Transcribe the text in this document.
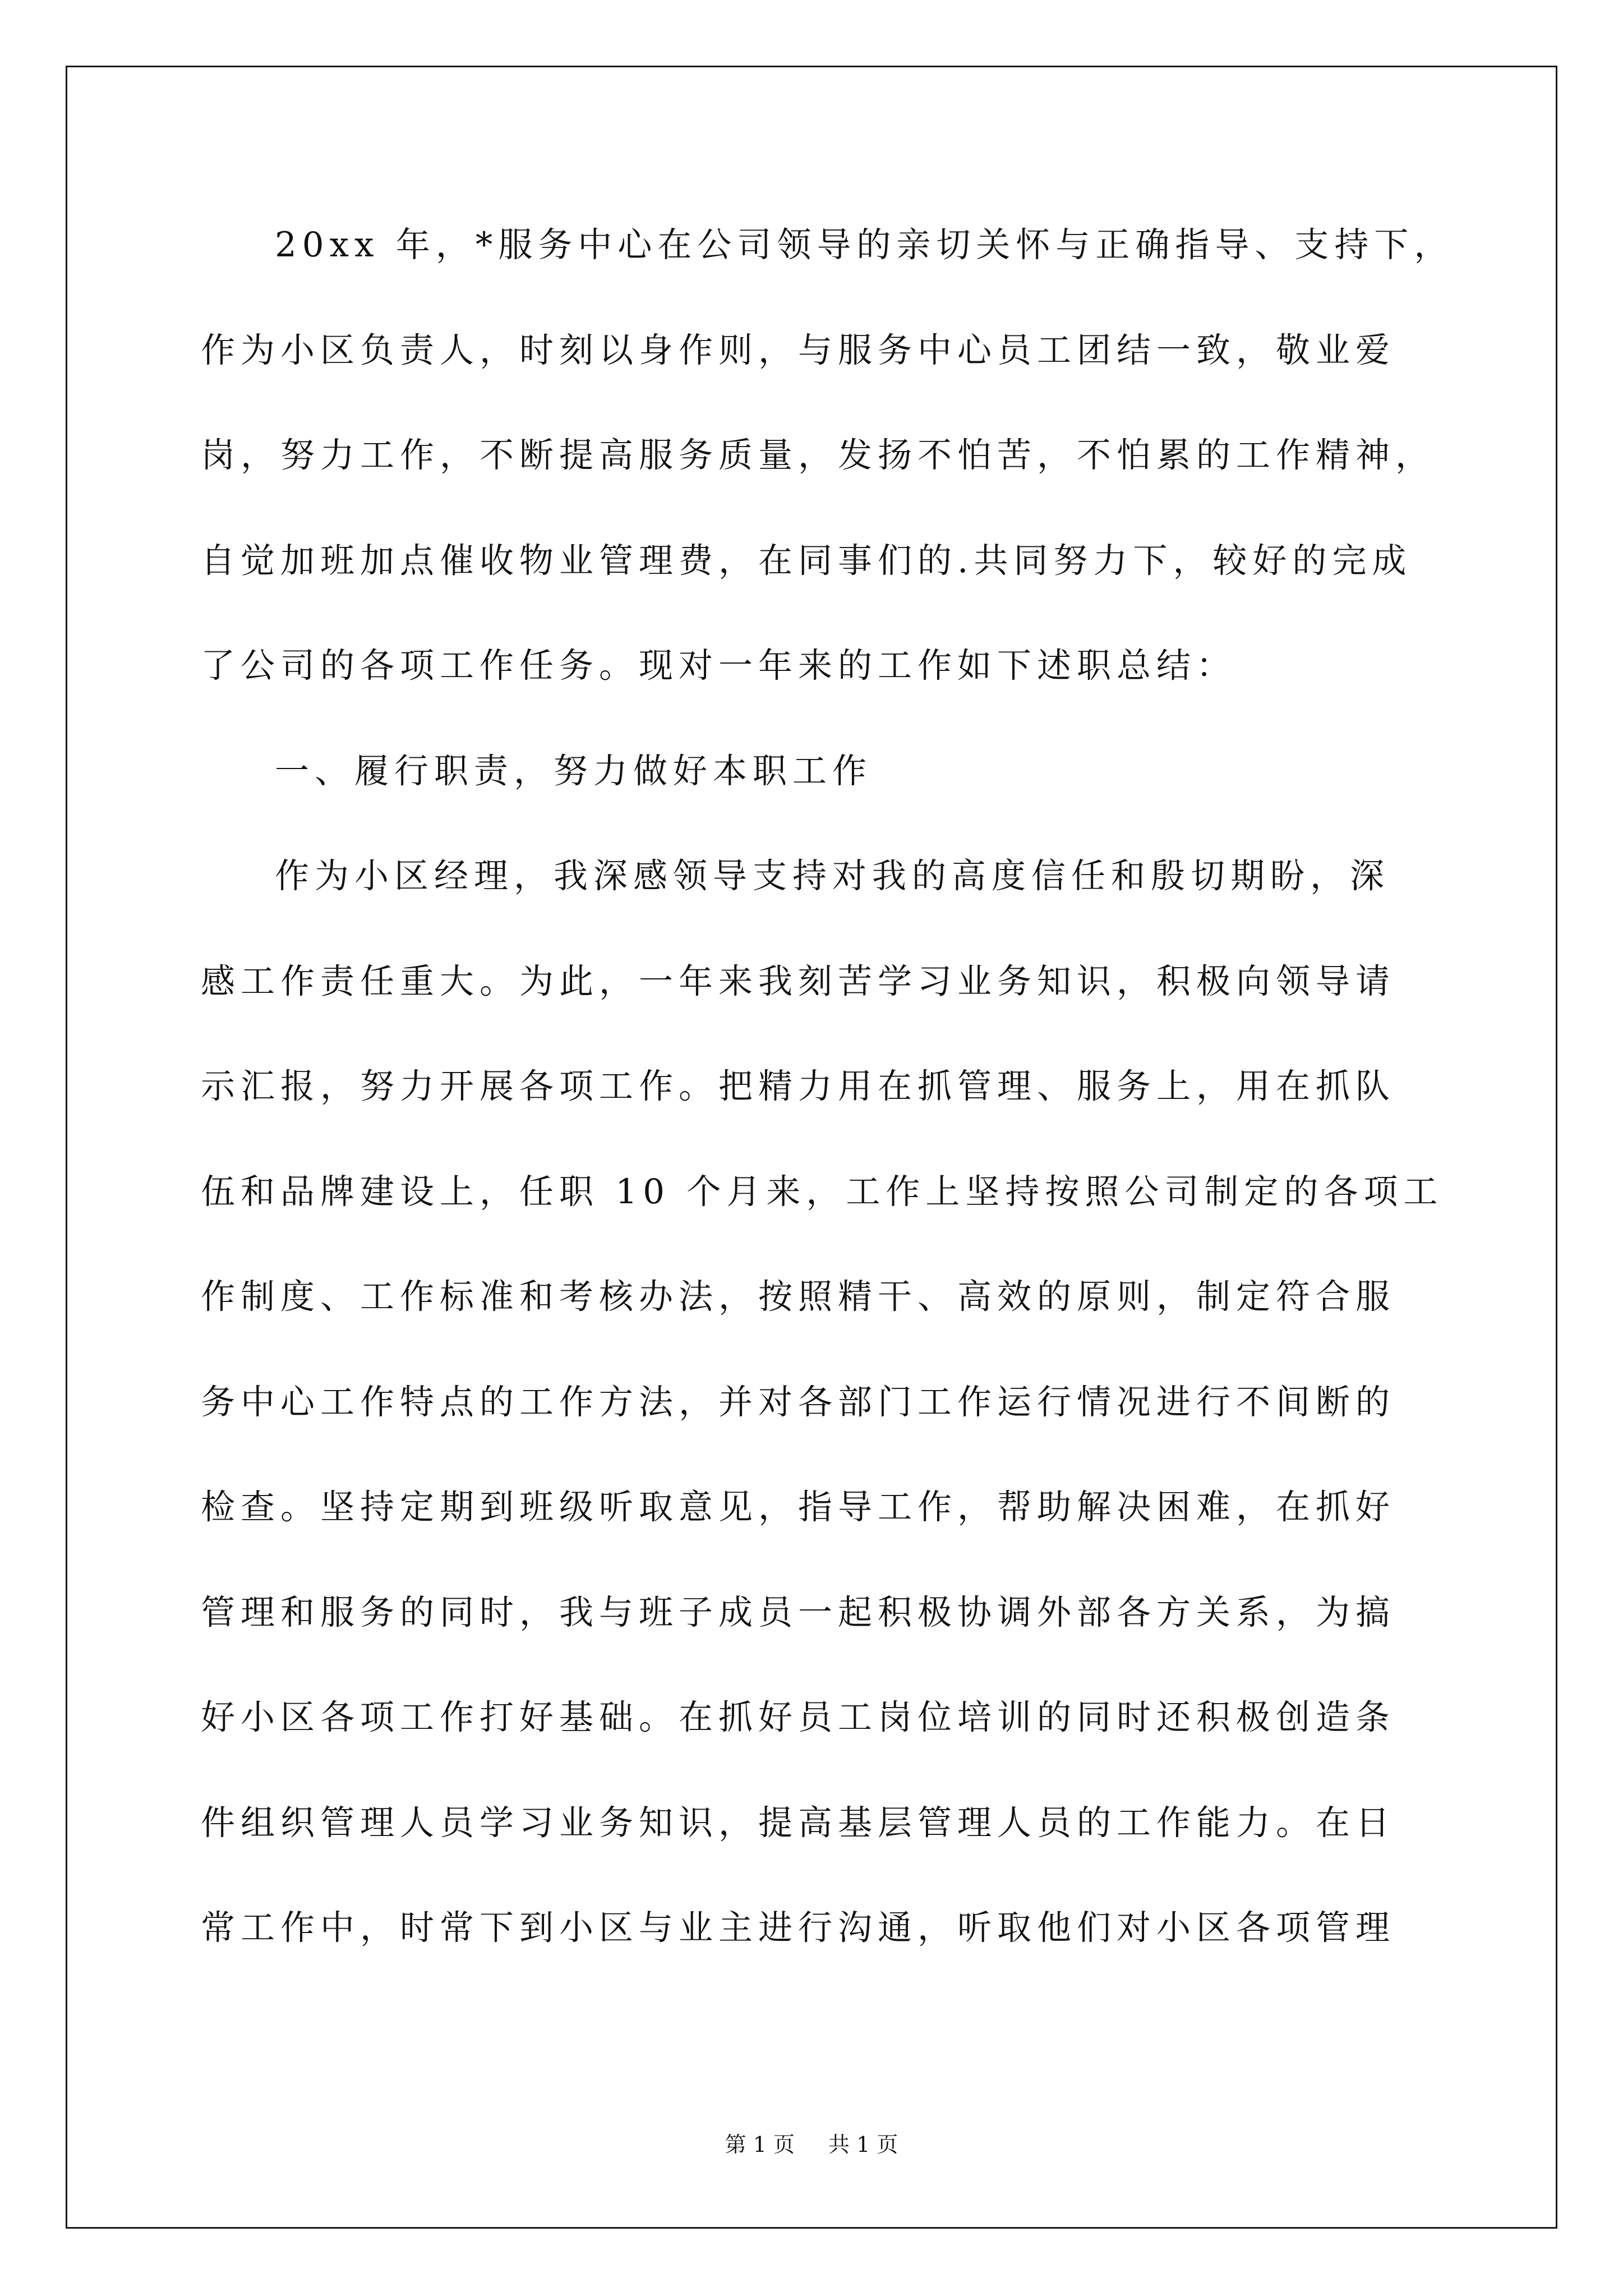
20xx 年，*服务中心在公司领导的亲切关怀与正确指导、支持下，
作为小区负责人，时刻以身作则，与服务中心员工团结一致，敬业爱
岗，努力工作，不断提高服务质量，发扬不怕苦，不怕累的工作精神，
自觉加班加点催收物业管理费，在同事们的.共同努力下，较好的完成
了公司的各项工作任务。现对一年来的工作如下述职总结：
一、履行职责，努力做好本职工作
作为小区经理，我深感领导支持对我的高度信任和殷切期盼，深
感工作责任重大。为此，一年来我刻苦学习业务知识，积极向领导请
示汇报，努力开展各项工作。把精力用在抓管理、服务上，用在抓队
伍和品牌建设上，任职 10 个月来，工作上坚持按照公司制定的各项工
作制度、工作标准和考核办法，按照精干、高效的原则，制定符合服
务中心工作特点的工作方法，并对各部门工作运行情况进行不间断的
检查。坚持定期到班级听取意见，指导工作，帮助解决困难，在抓好
管理和服务的同时，我与班子成员一起积极协调外部各方关系，为搞
好小区各项工作打好基础。在抓好员工岗位培训的同时还积极创造条
件组织管理人员学习业务知识，提高基层管理人员的工作能力。在日
常工作中，时常下到小区与业主进行沟通，听取他们对小区各项管理
第 1 页 共 1 页
